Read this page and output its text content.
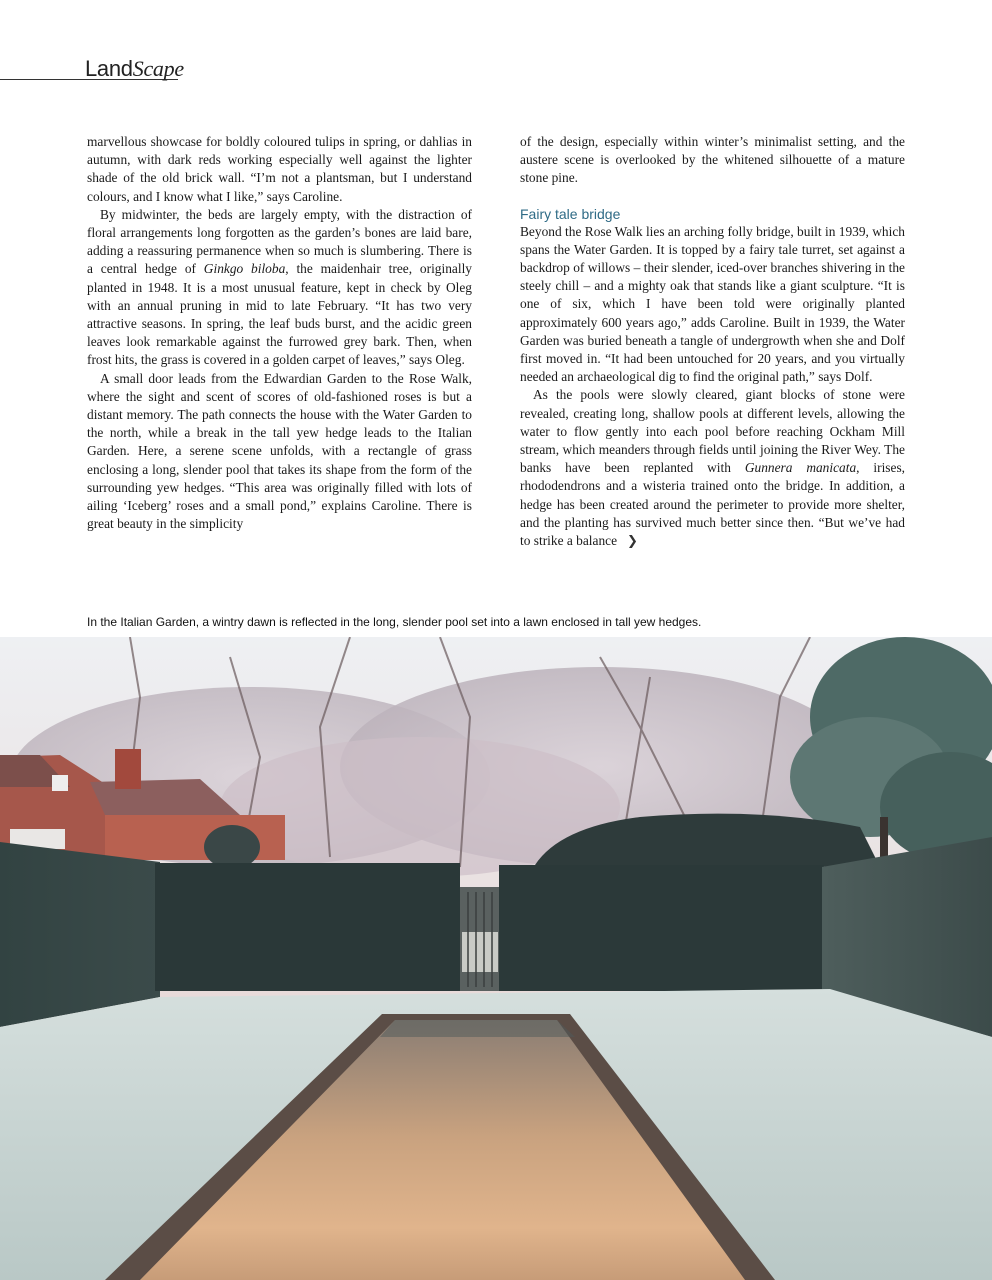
LandScape

marvellous showcase for boldly coloured tulips in spring, or dahlias in autumn, with dark reds working especially well against the lighter shade of the old brick wall. “I’m not a plantsman, but I understand colours, and I know what I like,” says Caroline.

By midwinter, the beds are largely empty, with the distraction of floral arrangements long forgotten as the garden’s bones are laid bare, adding a reassuring permanence when so much is slumbering. There is a central hedge of Ginkgo biloba, the maidenhair tree, originally planted in 1948. It is a most unusual feature, kept in check by Oleg with an annual pruning in mid to late February. “It has two very attractive seasons. In spring, the leaf buds burst, and the acidic green leaves look remarkable against the furrowed grey bark. Then, when frost hits, the grass is covered in a golden carpet of leaves,” says Oleg.

A small door leads from the Edwardian Garden to the Rose Walk, where the sight and scent of scores of old-fashioned roses is but a distant memory. The path connects the house with the Water Garden to the north, while a break in the tall yew hedge leads to the Italian Garden. Here, a serene scene unfolds, with a rectangle of grass enclosing a long, slender pool that takes its shape from the form of the surrounding yew hedges. “This area was originally filled with lots of ailing ‘Iceberg’ roses and a small pond,” explains Caroline. There is great beauty in the simplicity

of the design, especially within winter’s minimalist setting, and the austere scene is overlooked by the whitened silhouette of a mature stone pine.

Fairy tale bridge

Beyond the Rose Walk lies an arching folly bridge, built in 1939, which spans the Water Garden. It is topped by a fairy tale turret, set against a backdrop of willows – their slender, iced-over branches shivering in the steely chill – and a mighty oak that stands like a giant sculpture. “It is one of six, which I have been told were originally planted approximately 600 years ago,” adds Caroline. Built in 1939, the Water Garden was buried beneath a tangle of undergrowth when she and Dolf first moved in. “It had been untouched for 20 years, and you virtually needed an archaeological dig to find the original path,” says Dolf.

As the pools were slowly cleared, giant blocks of stone were revealed, creating long, shallow pools at different levels, allowing the water to flow gently into each pool before reaching Ockham Mill stream, which meanders through fields until joining the River Wey. The banks have been replanted with Gunnera manicata, irises, rhododendrons and a wisteria trained onto the bridge. In addition, a hedge has been created around the perimeter to provide more shelter, and the planting has survived much better since then. “But we’ve had to strike a balance ❯

In the Italian Garden, a wintry dawn is reflected in the long, slender pool set into a lawn enclosed in tall yew hedges.
